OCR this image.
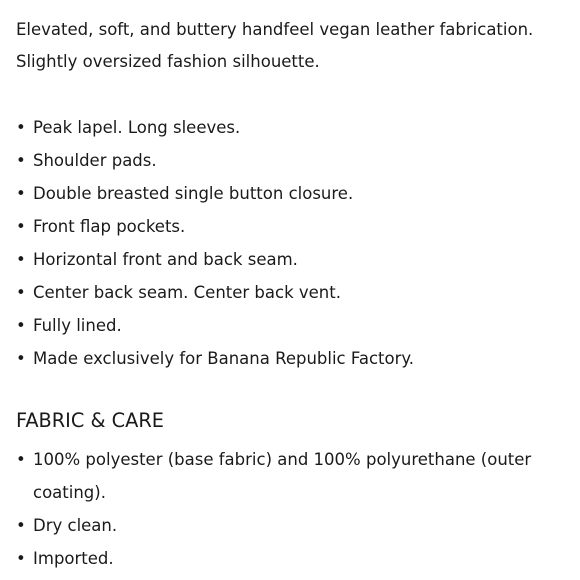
Elevated, soft, and buttery handfeel vegan leather fabrication.

Slightly oversized fashion silhouette.

• Peak lapel. Long sleeves.
• Shoulder pads.
• Double breasted single button closure.
• Front flap pockets.
• Horizontal front and back seam.
• Center back seam. Center back vent.
• Fully lined.
• Made exclusively for Banana Republic Factory.
FABRIC & CARE
• 100% polyester (base fabric) and 100% polyurethane (outer coating).
• Dry clean.
• Imported.
